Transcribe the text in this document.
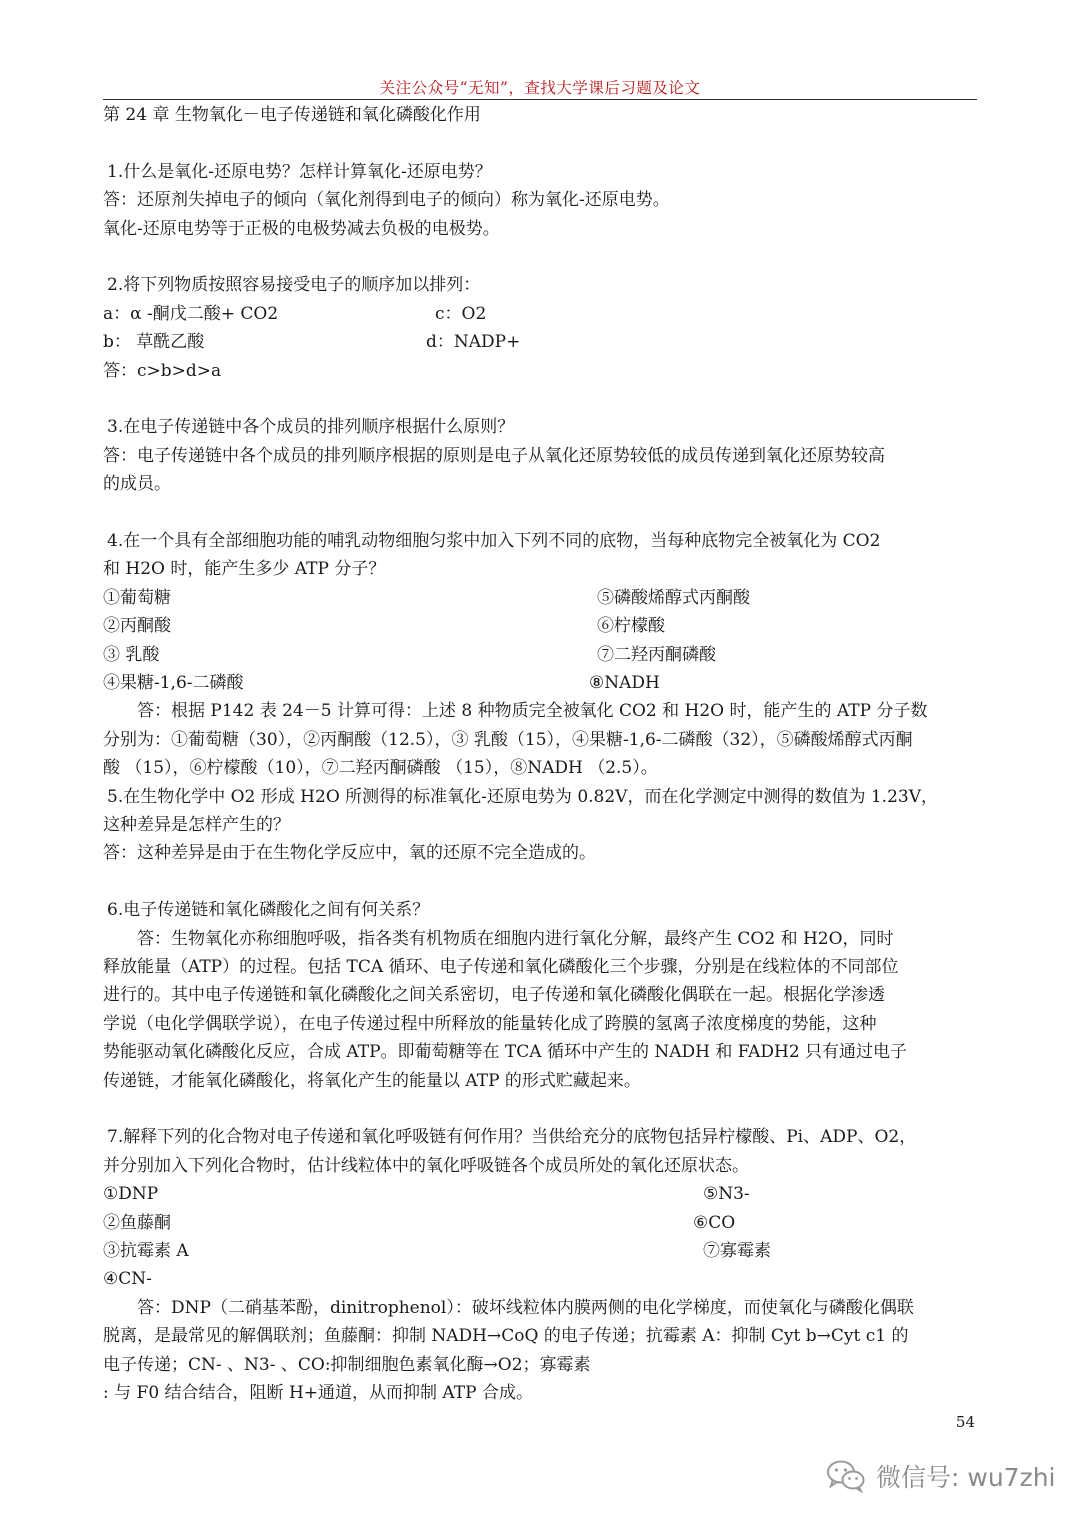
关注公众号“无知”，查找大学课后习题及论文

第 24 章 生物氧化－电子传递链和氧化磷酸化作用

1.什么是氧化-还原电势？怎样计算氧化-还原电势？

答：还原剂失掉电子的倾向（氧化剂得到电子的倾向）称为氧化-还原电势。

氧化-还原电势等于正极的电极势减去负极的电极势。

2.将下列物质按照容易接受电子的顺序加以排列：

a：α -酮戊二酸+ CO2	c：O2
b： 草酰乙酸	d：NADP+

答：c>b>d>a

3.在电子传递链中各个成员的排列顺序根据什么原则？

答：电子传递链中各个成员的排列顺序根据的原则是电子从氧化还原势较低的成员传递到氧化还原势较高

的成员。

4.在一个具有全部细胞功能的哺乳动物细胞匀浆中加入下列不同的底物，当每种底物完全被氧化为 CO2

和 H2O 时，能产生多少 ATP 分子？

①葡萄糖	⑤磷酸烯醇式丙酮酸
②丙酮酸	⑥柠檬酸
③ 乳酸	⑦二羟丙酮磷酸
④果糖-1,6-二磷酸	⑧NADH

答：根据 P142 表 24－5 计算可得：上述 8 种物质完全被氧化 CO2 和 H2O 时，能产生的 ATP 分子数

分别为：①葡萄糖（30），②丙酮酸（12.5），③ 乳酸（15），④果糖-1,6-二磷酸（32），⑤磷酸烯醇式丙酮

酸 （15），⑥柠檬酸（10），⑦二羟丙酮磷酸 （15），⑧NADH （2.5）。

5.在生物化学中 O2 形成 H2O 所测得的标准氧化-还原电势为 0.82V，而在化学测定中测得的数值为 1.23V，

这种差异是怎样产生的？

答：这种差异是由于在生物化学反应中，氧的还原不完全造成的。

6.电子传递链和氧化磷酸化之间有何关系？

答：生物氧化亦称细胞呼吸，指各类有机物质在细胞内进行氧化分解，最终产生 CO2 和 H2O，同时

释放能量（ATP）的过程。包括 TCA 循环、电子传递和氧化磷酸化三个步骤，分别是在线粒体的不同部位

进行的。其中电子传递链和氧化磷酸化之间关系密切，电子传递和氧化磷酸化偶联在一起。根据化学渗透

学说（电化学偶联学说），在电子传递过程中所释放的能量转化成了跨膜的氢离子浓度梯度的势能，这种

势能驱动氧化磷酸化反应，合成 ATP。即葡萄糖等在 TCA 循环中产生的 NADH 和 FADH2 只有通过电子

传递链，才能氧化磷酸化，将氧化产生的能量以 ATP 的形式贮藏起来。

7.解释下列的化合物对电子传递和氧化呼吸链有何作用？当供给充分的底物包括异柠檬酸、Pi、ADP、O2，

并分别加入下列化合物时，估计线粒体中的氧化呼吸链各个成员所处的氧化还原状态。

①DNP	⑤N3-
②鱼藤酮	⑥CO
③抗霉素 A	⑦寡霉素
④CN-

答：DNP（二硝基苯酚，dinitrophenol）：破坏线粒体内膜两侧的电化学梯度，而使氧化与磷酸化偶联

脱离，是最常见的解偶联剂；鱼藤酮：抑制 NADH→CoQ 的电子传递；抗霉素 A：抑制 Cyt b→Cyt c1 的

电子传递；CN- 、N3- 、CO:抑制细胞色素氧化酶→O2；寡霉素

: 与 F0 结合结合，阻断 H+通道，从而抑制 ATP 合成。

54
微信号: wu7zhi
